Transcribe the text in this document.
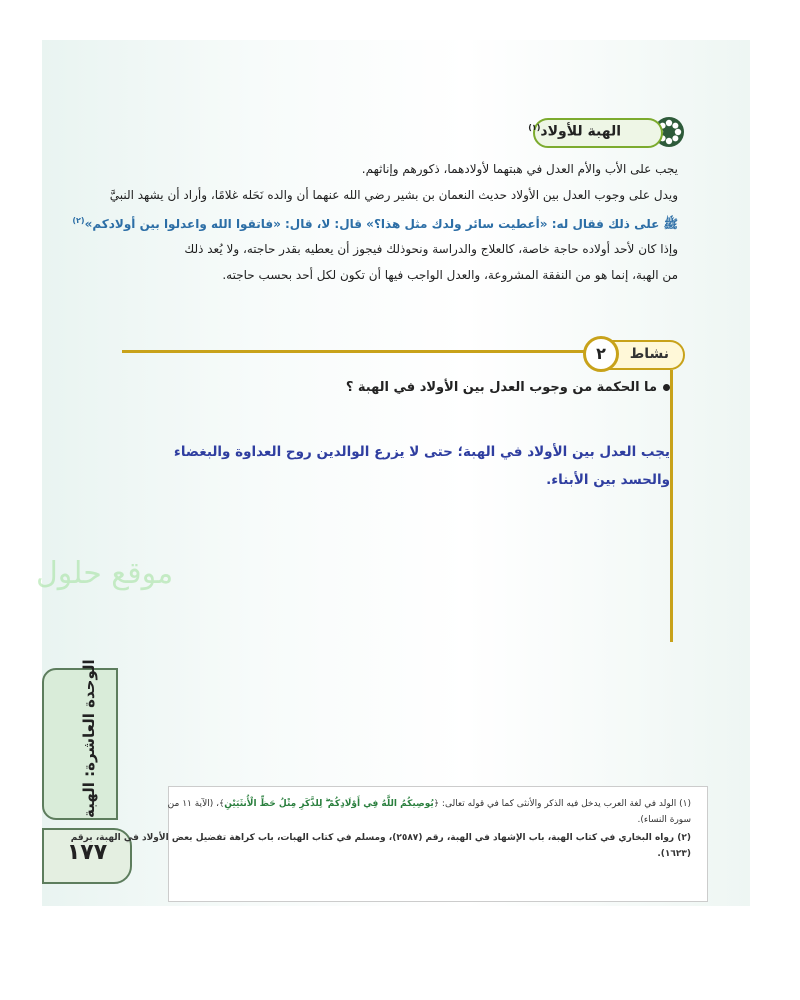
الهبة للأولاد$^{(١)}$
يجب على الأب والأم العدل في هبتهما لأولادهما، ذكورهم وإناثهم.
ويدل على وجوب العدل بين الأولاد حديث النعمان بن بشير رضي الله عنهما أن والده نَحَله غلامًا، وأراد أن يشهد النبيَّ
ﷺ على ذلك فقال له: «أعطيت سائر ولدك مثل هذا؟» قال: لا، قال: «فاتقوا الله واعدلوا بين أولادكم»$^{(٢)}$
وإذا كان لأحد أولاده حاجة خاصة، كالعلاج والدراسة ونحوذلك فيجوز أن يعطيه بقدر حاجته، ولا يُعد ذلك
من الهبة، إنما هو من النفقة المشروعة، والعدل الواجب فيها أن تكون لكل أحد بحسب حاجته.
نشاط
٢
ما الحكمة من وجوب العدل بين الأولاد في الهبة ؟
يجب العدل بين الأولاد في الهبة؛ حتى لا يزرع الوالدين روح العداوة والبغضاء
والحسد بين الأبناء.
موقع حلول
الوحدة العاشرة: الهبة
١٧٧
(١) الولد في لغة العرب يدخل فيه الذكر والأنثى كما في قوله تعالى: ﴿يُوصِيكُمُ اللَّهُ فِي أَوْلَادِكُمْ ۖ لِلذَّكَرِ مِثْلُ حَظِّ الْأُنثَيَيْنِ﴾، (الآية ١١ من
سورة النساء).
(٢) رواه البخاري في كتاب الهبة، باب الإشهاد في الهبة، رقم (٢٥٨٧)، ومسلم في كتاب الهبات، باب كراهة تفضيل بعض الأولاد في الهبة، برقم
(١٦٢٣).
